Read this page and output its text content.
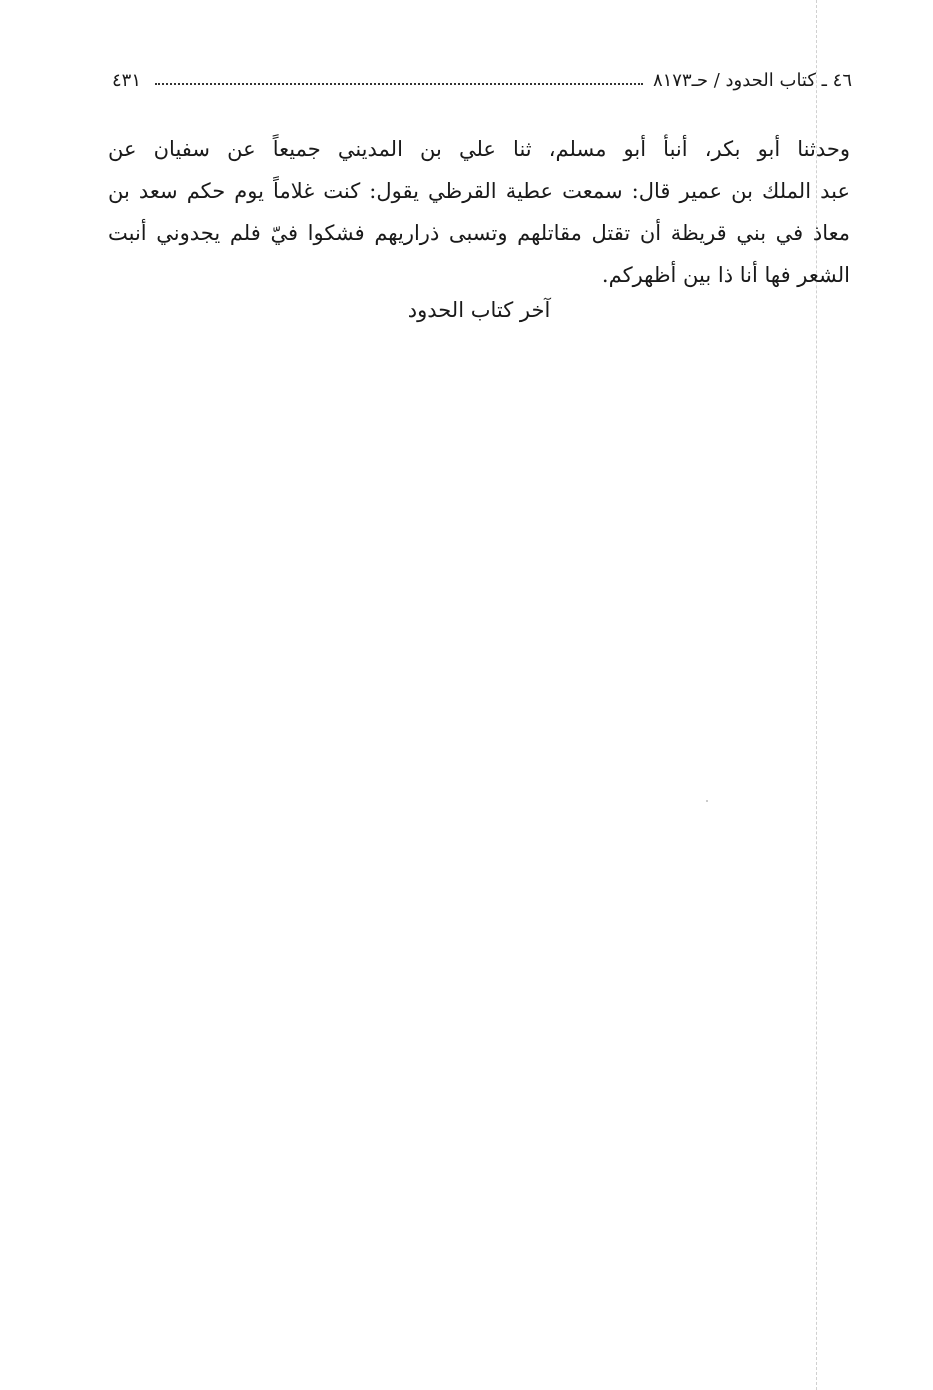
٤٦ ـ كتاب الحدود / حـ٨١٧٣
٤٣١
وحدثنا أبو بكر، أنبأ أبو مسلم، ثنا علي بن المديني جميعاً عن سفيان عن
عبد الملك بن عمير قال: سمعت عطية القرظي يقول: كنت غلاماً يوم حكم سعد بن
معاذ في بني قريظة أن تقتل مقاتلهم وتسبى ذراريهم فشكوا فيّ فلم يجدوني أنبت
الشعر فها أنا ذا بين أظهركم.
آخر كتاب الحدود
